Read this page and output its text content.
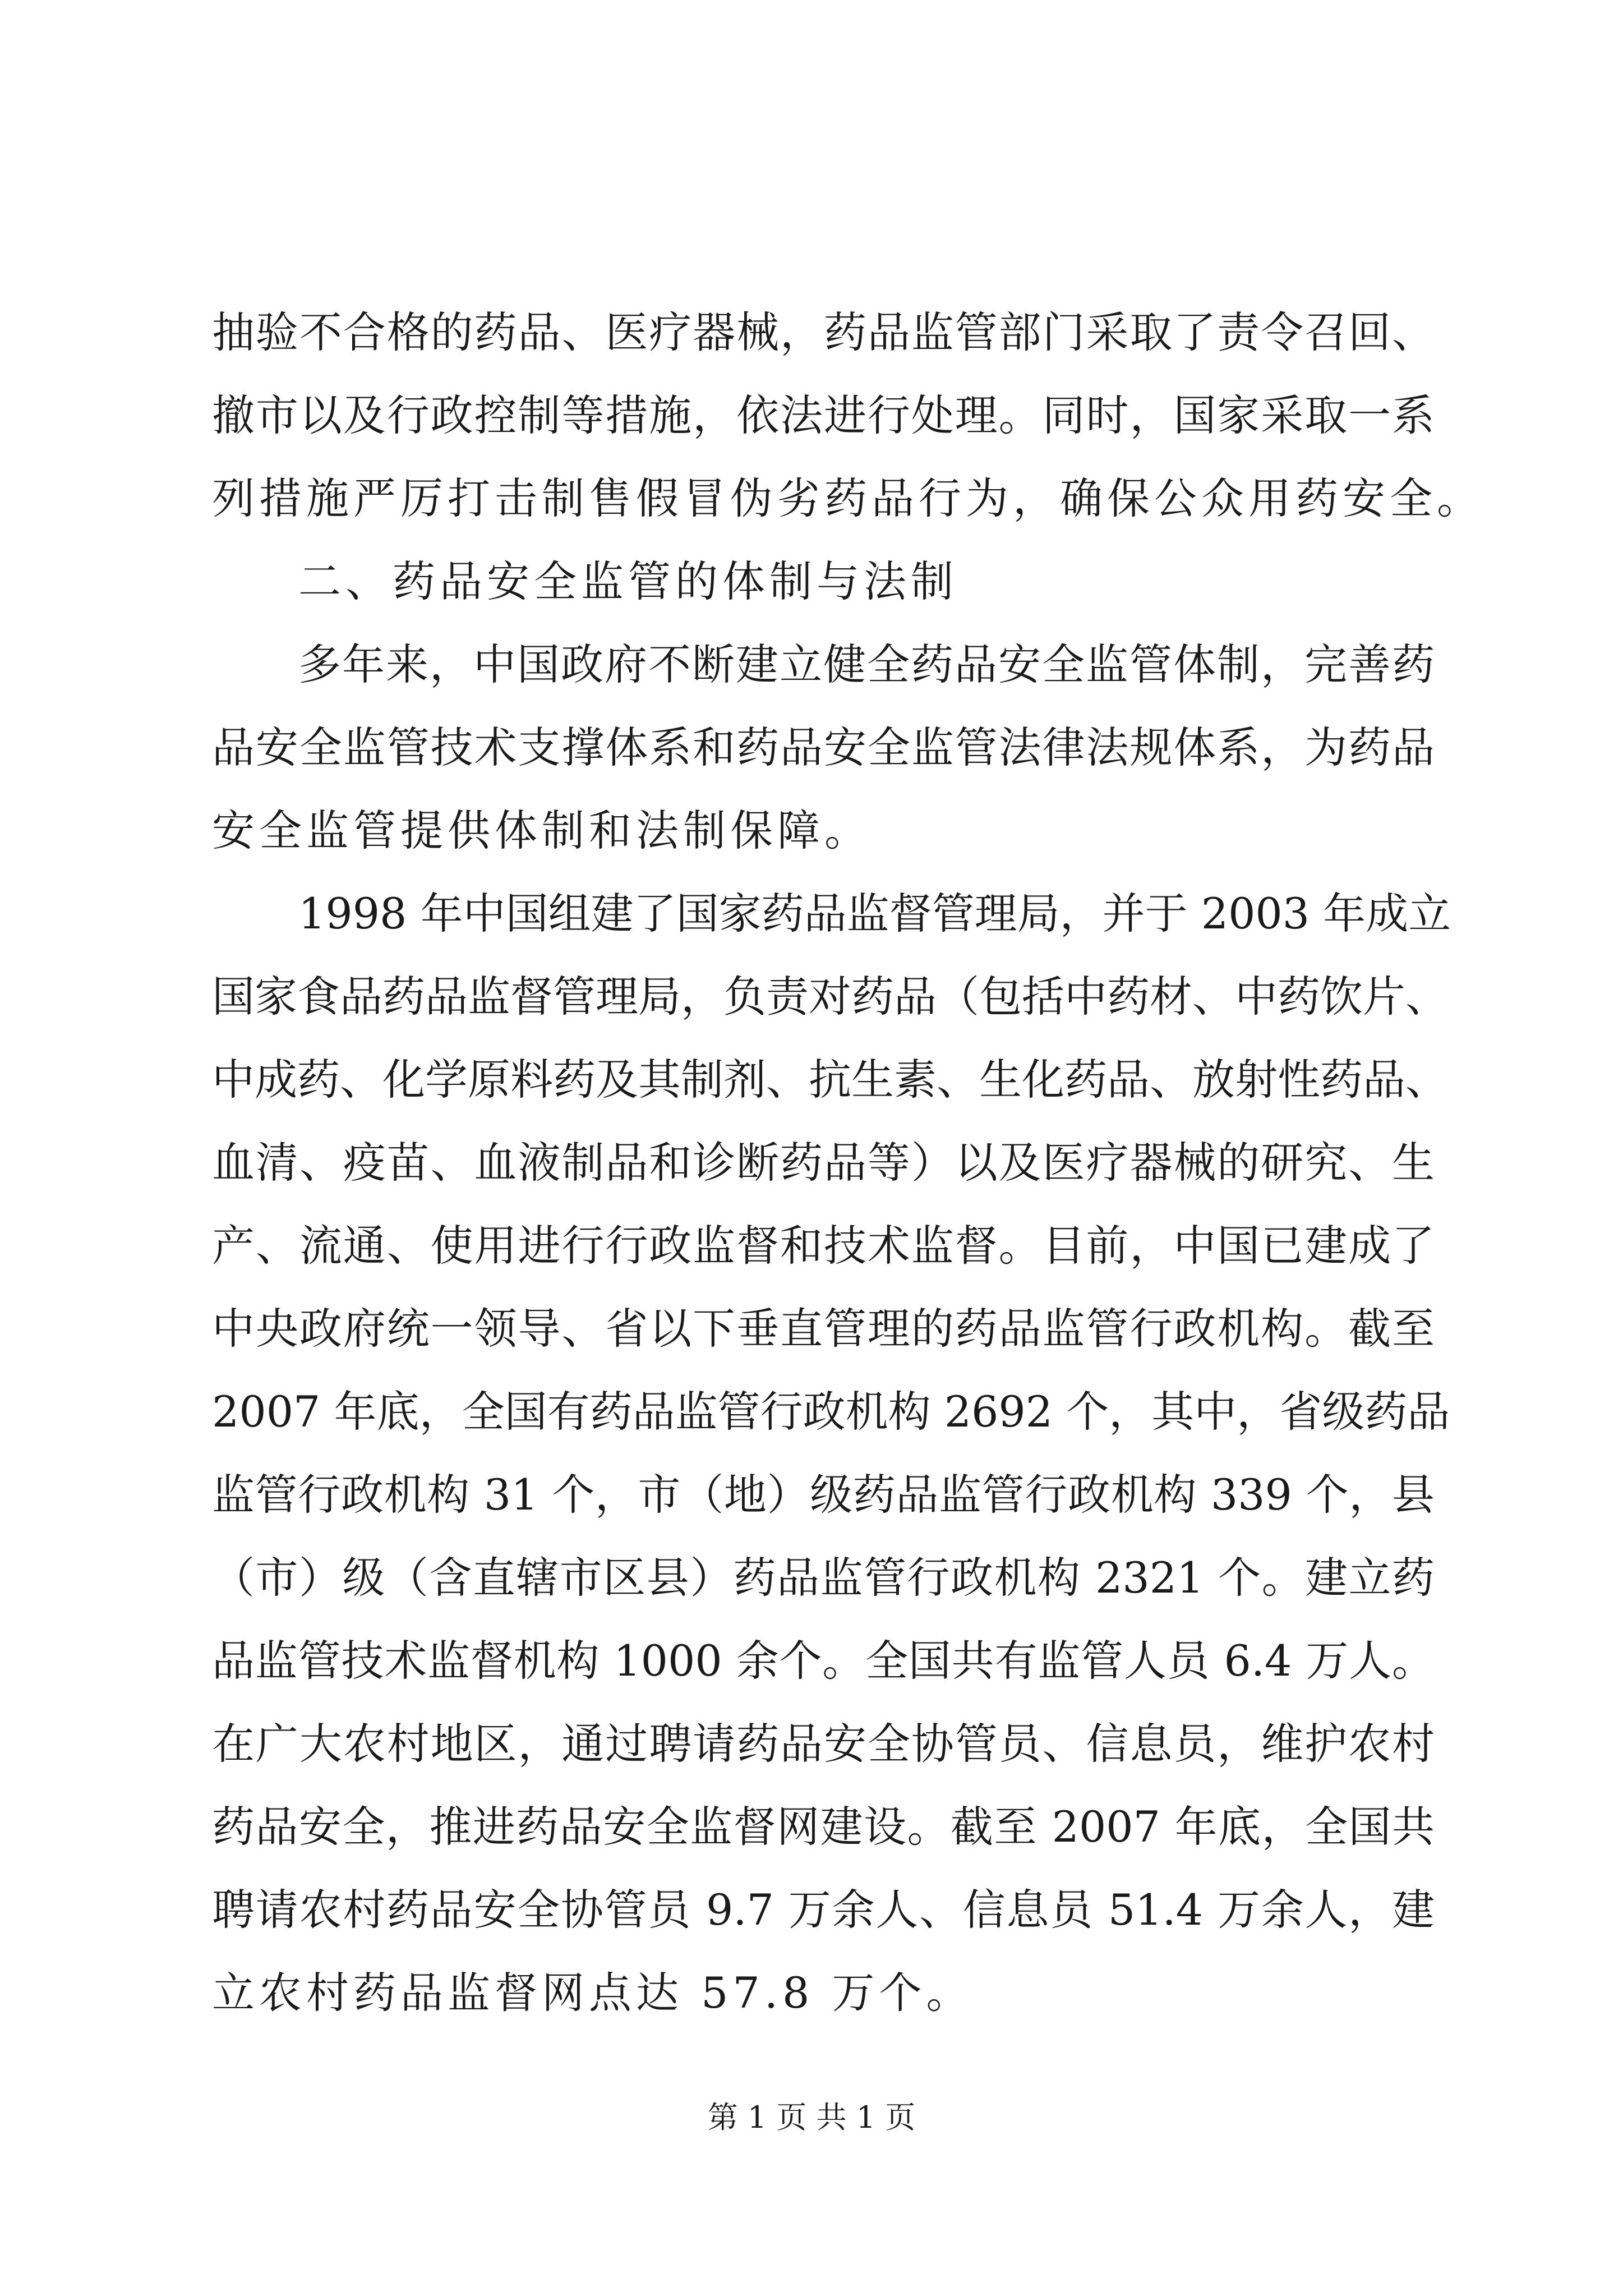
抽验不合格的药品、医疗器械，药品监管部门采取了责令召回、
撤市以及行政控制等措施，依法进行处理。同时，国家采取一系
列措施严厉打击制售假冒伪劣药品行为，确保公众用药安全。
二、药品安全监管的体制与法制
多年来，中国政府不断建立健全药品安全监管体制，完善药
品安全监管技术支撑体系和药品安全监管法律法规体系，为药品
安全监管提供体制和法制保障。
1998 年中国组建了国家药品监督管理局，并于 2003 年成立
国家食品药品监督管理局，负责对药品（包括中药材、中药饮片、
中成药、化学原料药及其制剂、抗生素、生化药品、放射性药品、
血清、疫苗、血液制品和诊断药品等）以及医疗器械的研究、生
产、流通、使用进行行政监督和技术监督。目前，中国已建成了
中央政府统一领导、省以下垂直管理的药品监管行政机构。截至
2007 年底，全国有药品监管行政机构 2692 个，其中，省级药品
监管行政机构 31 个，市（地）级药品监管行政机构 339 个，县
（市）级（含直辖市区县）药品监管行政机构 2321 个。建立药
品监管技术监督机构 1000 余个。全国共有监管人员 6.4 万人。
在广大农村地区，通过聘请药品安全协管员、信息员，维护农村
药品安全，推进药品安全监督网建设。截至 2007 年底，全国共
聘请农村药品安全协管员 9.7 万余人、信息员 51.4 万余人，建
立农村药品监督网点达 57.8 万个。
第 1 页 共 1 页
